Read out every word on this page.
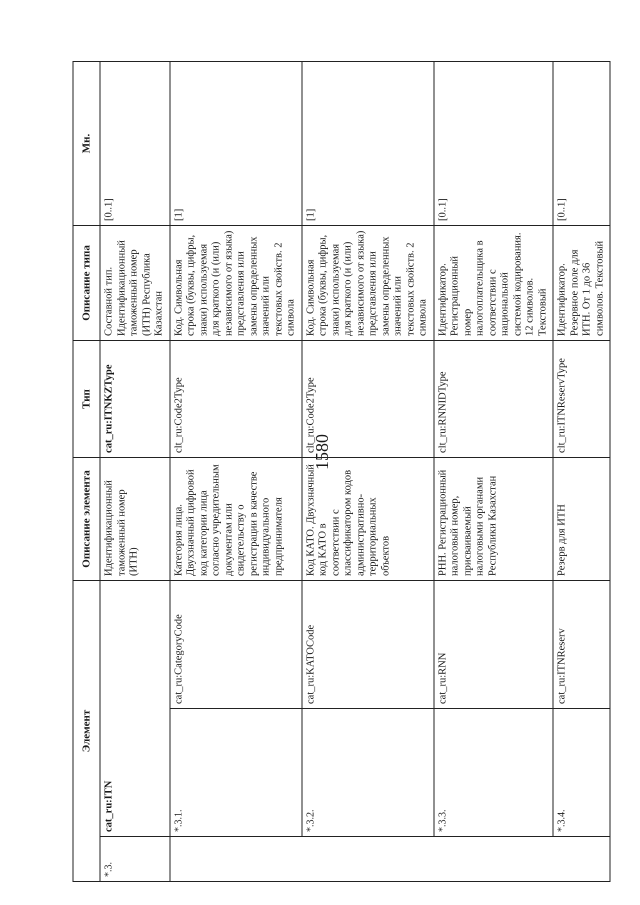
1580
Элемент			Описание элемента	Тип	Описание типа	Мн.
*.3.	cat_ru:ITN		Идентификационный таможенный номер (ИТН)	cat_ru:ITNKZType	Составной тип. Идентификационный таможенный номер (ИТН) Республика Казахстан	[0..1]
	*.3.1.	cat_ru:CategoryCode	Категория лица. Двухзначный цифровой код категории лица согласно учредительным документам или свидетельству о регистрации в качестве индивидуального предпринимателя	clt_ru:Code2Type	Код. Символьная строка (буквы, цифры, знаки) используемая для краткого (и (или) независимого от языка) представления или замены определенных значений или текстовых свойств. 2 символа	[1]
	*.3.2.	cat_ru:KATOCode	Код КАТО. Двухзначный код КАТО в соответствии с классификатором кодов административно-территориальных объектов	clt_ru:Code2Type	Код. Символьная строка (буквы, цифры, знаки) используемая для краткого (и (или) независимого от языка) представления или замены определенных значений или текстовых свойств. 2 символа	[1]
	*.3.3.	cat_ru:RNN	РНН. Регистрационный налоговый номер, присваиваемый налоговыми органами Республики Казахстан	clt_ru:RNNIDType	Идентификатор. Регистрационный номер налогоплательщика в соответствии с национальной системой кодирования. 12 символов. Текстовый	[0..1]
	*.3.4.	cat_ru:ITNReserv	Резерв для ИТН	clt_ru:ITNReservType	Идентификатор. Резервное поле для ИТН. От 1 до 36 символов. Текстовый	[0..1]
